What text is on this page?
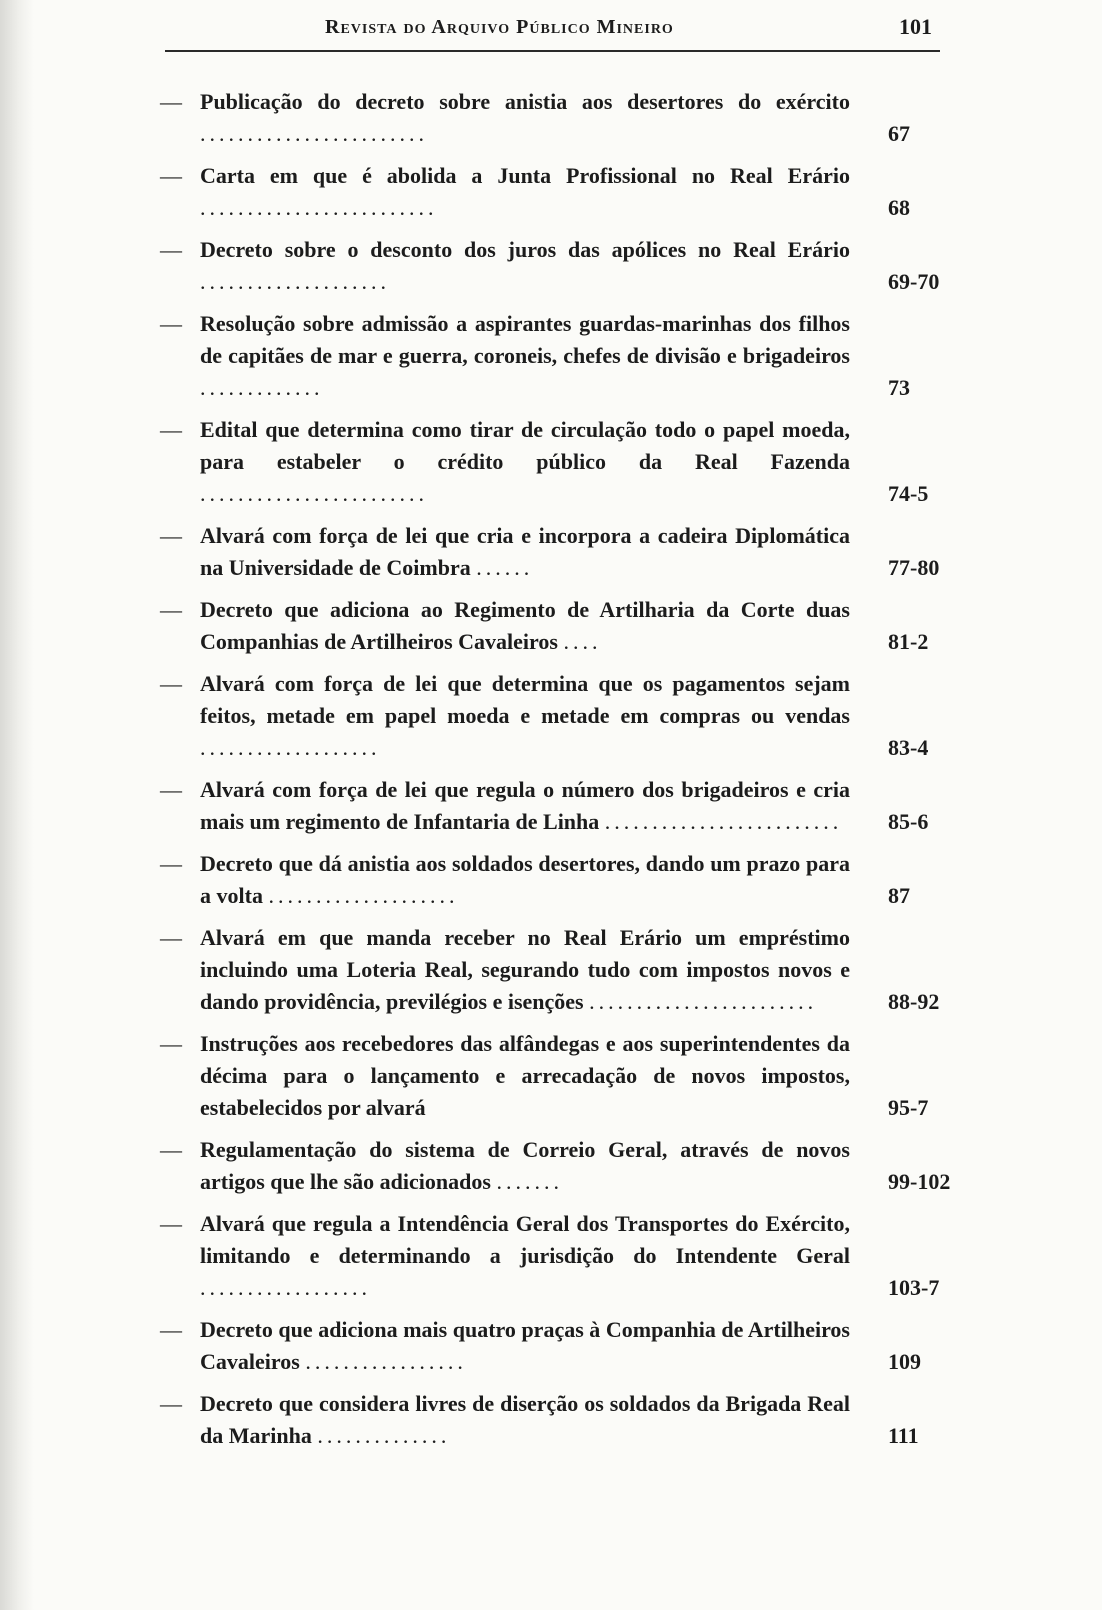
Revista do Arquivo Público Mineiro	101
— Publicação do decreto sobre anistia aos desertores do exército ........................	67
— Carta em que é abolida a Junta Profissional no Real Erário .........................	68
— Decreto sobre o desconto dos juros das apólices no Real Erário ....................	69-70
— Resolução sobre admissão a aspirantes guardas-marinhas dos filhos de capitães de mar e guerra, coroneis, chefes de divisão e brigadeiros .............	73
— Edital que determina como tirar de circulação todo o papel moeda, para estabeler o crédito público da Real Fazenda ........................	74-5
— Alvará com força de lei que cria e incorpora a cadeira Diplomática na Universidade de Coimbra ......	77-80
— Decreto que adiciona ao Regimento de Artilharia da Corte duas Companhias de Artilheiros Cavaleiros ....	81-2
— Alvará com força de lei que determina que os pagamentos sejam feitos, metade em papel moeda e metade em compras ou vendas ...................	83-4
— Alvará com força de lei que regula o número dos brigadeiros e cria mais um regimento de Infantaria de Linha .........................	85-6
— Decreto que dá anistia aos soldados desertores, dando um prazo para a volta ....................	87
— Alvará em que manda receber no Real Erário um empréstimo incluindo uma Loteria Real, segurando tudo com impostos novos e dando providência, previlégios e isenções ........................	88-92
— Instruções aos recebedores das alfândegas e aos superintendentes da décima para o lançamento e arrecadação de novos impostos, estabelecidos por alvará	95-7
— Regulamentação do sistema de Correio Geral, através de novos artigos que lhe são adicionados .......	99-102
— Alvará que regula a Intendência Geral dos Transportes do Exército, limitando e determinando a jurisdição do Intendente Geral ..................	103-7
— Decreto que adiciona mais quatro praças à Companhia de Artilheiros Cavaleiros .................	109
— Decreto que considera livres de diserção os soldados da Brigada Real da Marinha ..............	111
